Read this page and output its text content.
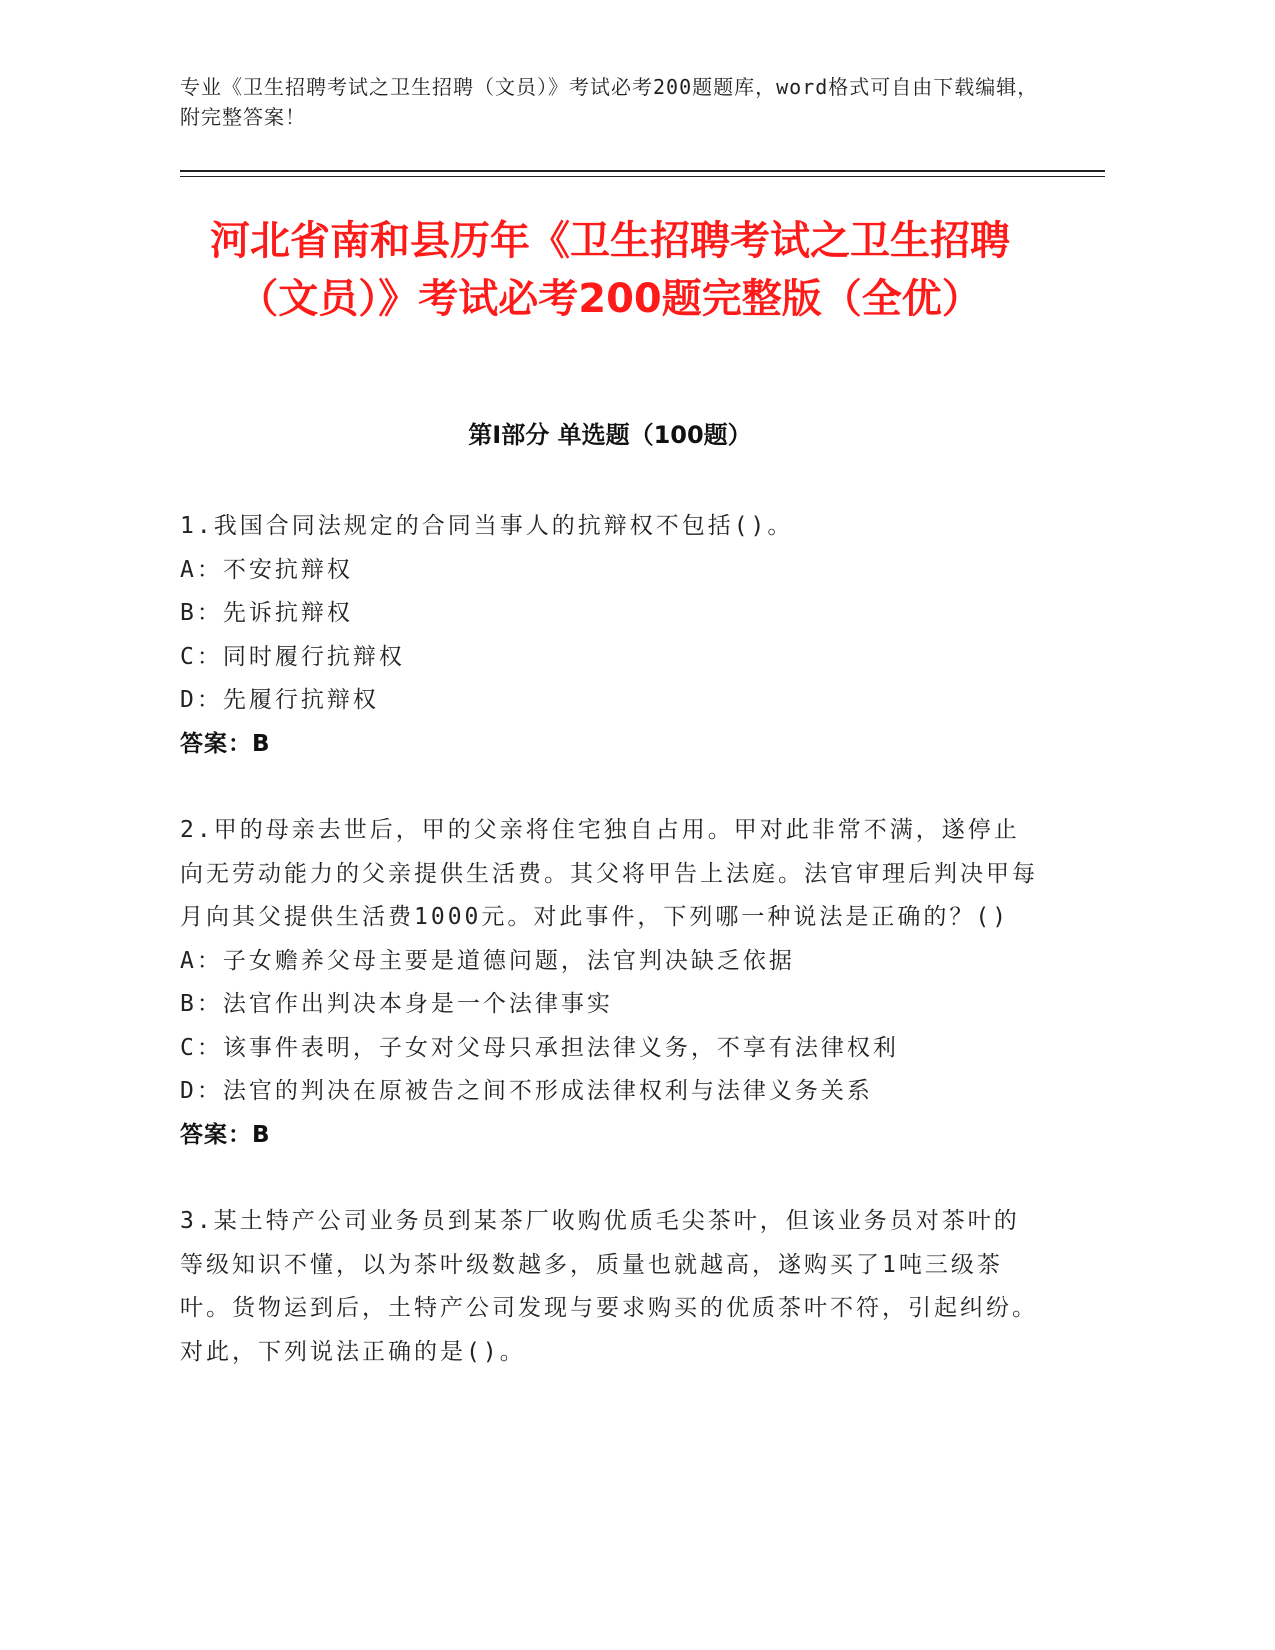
专业《卫生招聘考试之卫生招聘（文员）》考试必考200题题库，word格式可自由下载编辑，附完整答案！
河北省南和县历年《卫生招聘考试之卫生招聘（文员）》考试必考200题完整版（全优）
第Ⅰ部分 单选题（100题）

1.我国合同法规定的合同当事人的抗辩权不包括()。

A：不安抗辩权

B：先诉抗辩权

C：同时履行抗辩权

D：先履行抗辩权

答案：B

2.甲的母亲去世后，甲的父亲将住宅独自占用。甲对此非常不满，遂停止向无劳动能力的父亲提供生活费。其父将甲告上法庭。法官审理后判决甲每月向其父提供生活费1000元。对此事件，下列哪一种说法是正确的？()

A：子女赡养父母主要是道德问题，法官判决缺乏依据

B：法官作出判决本身是一个法律事实

C：该事件表明，子女对父母只承担法律义务，不享有法律权利

D：法官的判决在原被告之间不形成法律权利与法律义务关系

答案：B

3.某土特产公司业务员到某茶厂收购优质毛尖茶叶，但该业务员对茶叶的等级知识不懂，以为茶叶级数越多，质量也就越高，遂购买了1吨三级茶叶。货物运到后，土特产公司发现与要求购买的优质茶叶不符，引起纠纷。对此，下列说法正确的是()。
